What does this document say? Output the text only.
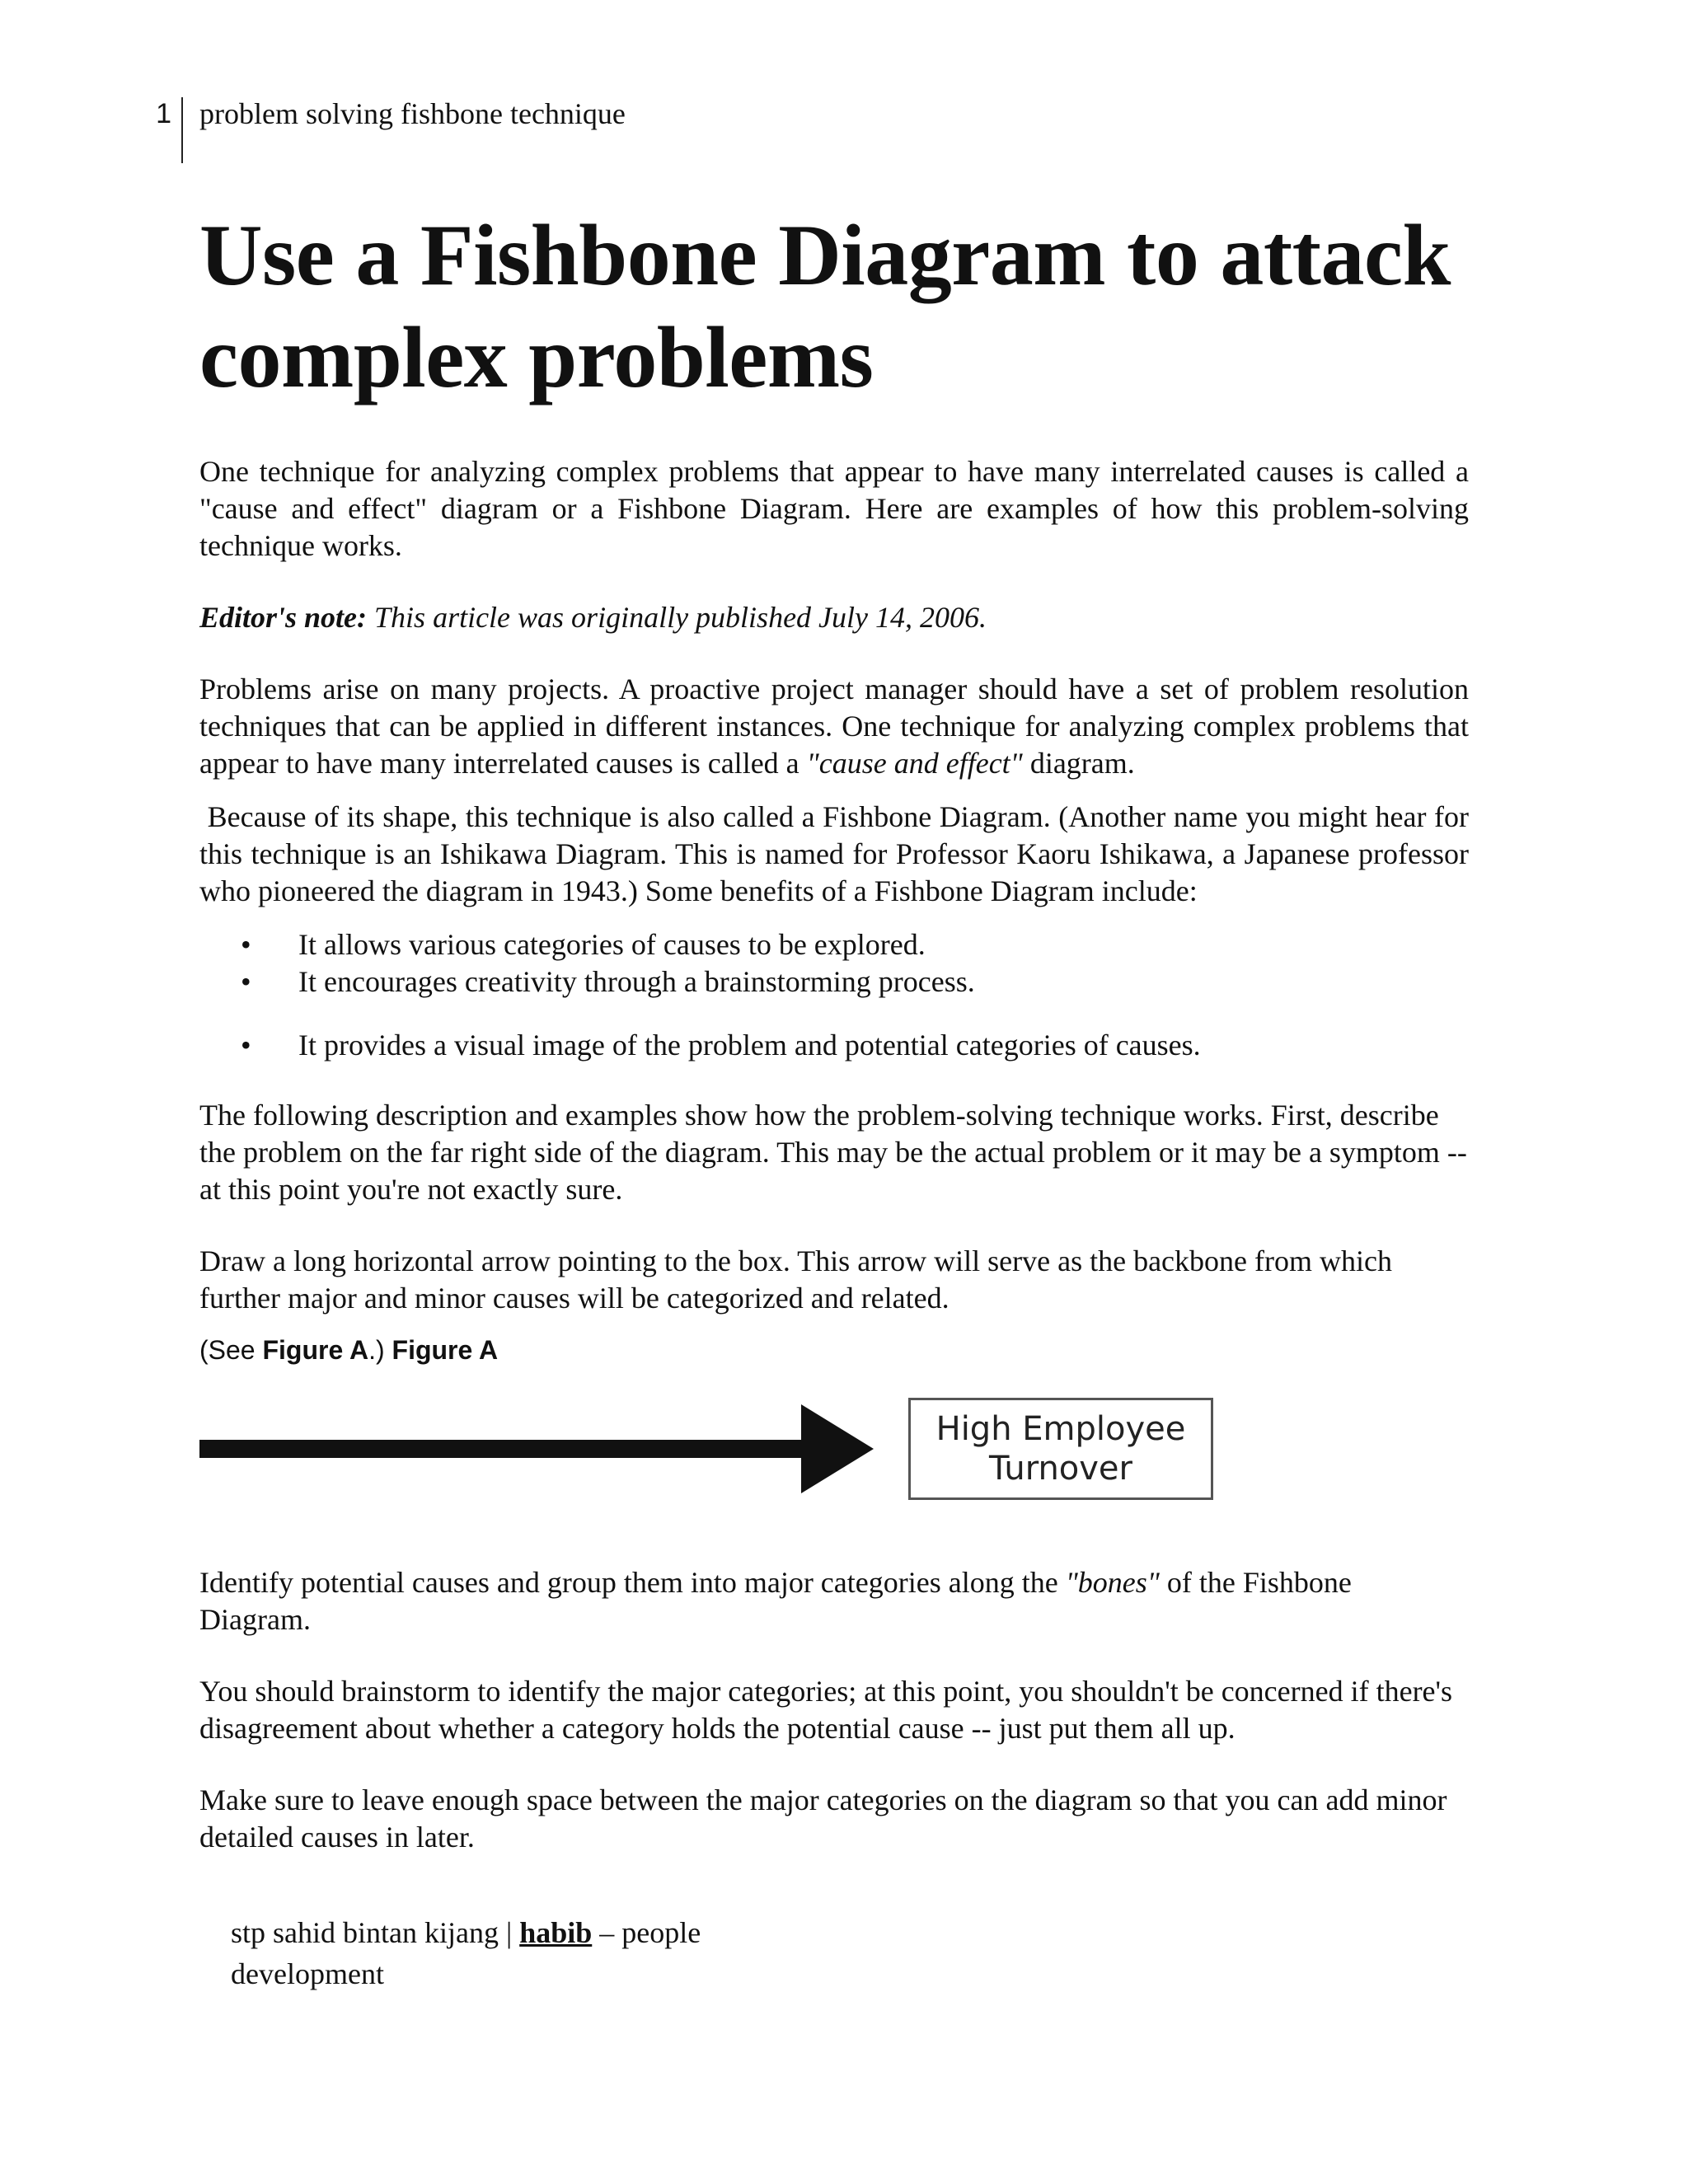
1 problem solving fishbone technique
Use a Fishbone Diagram to attack complex problems

One technique for analyzing complex problems that appear to have many interrelated causes is called a "cause and effect" diagram or a Fishbone Diagram. Here are examples of how this problem-solving technique works.

Editor's note: This article was originally published July 14, 2006.

Problems arise on many projects. A proactive project manager should have a set of problem resolution techniques that can be applied in different instances. One technique for analyzing complex problems that appear to have many interrelated causes is called a "cause and effect" diagram.

Because of its shape, this technique is also called a Fishbone Diagram. (Another name you might hear for this technique is an Ishikawa Diagram. This is named for Professor Kaoru Ishikawa, a Japanese professor who pioneered the diagram in 1943.) Some benefits of a Fishbone Diagram include:

• It allows various categories of causes to be explored.
• It encourages creativity through a brainstorming process.
• It provides a visual image of the problem and potential categories of causes.

The following description and examples show how the problem-solving technique works. First, describe the problem on the far right side of the diagram. This may be the actual problem or it may be a symptom -- at this point you're not exactly sure.

Draw a long horizontal arrow pointing to the box. This arrow will serve as the backbone from which further major and minor causes will be categorized and related.

(See Figure A.) Figure A

High Employee
Turnover

Identify potential causes and group them into major categories along the "bones" of the Fishbone Diagram.

You should brainstorm to identify the major categories; at this point, you shouldn't be concerned if there's disagreement about whether a category holds the potential cause -- just put them all up.

Make sure to leave enough space between the major categories on the diagram so that you can add minor detailed causes in later.

stp sahid bintan kijang | habib – people
development
